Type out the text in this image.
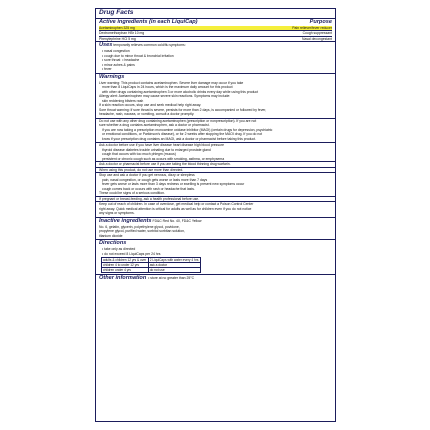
Drug Facts
Active ingredients (in each LiquiCap)	Purpose
Acetaminophen 325 mg	Pain reliever/fever reducer
Dextromethorphan HBr 10 mg	Cough suppressant
Phenylephrine HCl 5 mg	Nasal decongestant
Uses temporarily relieves common cold/flu symptoms:
• nasal congestion
• cough due to minor throat & bronchial irritation
• sore throat  • headache
• minor aches & pains
• fever
Warnings
Liver warning: This product contains acetaminophen. Severe liver damage may occur if you take
more than 8 LiquiCaps in 24 hours, which is the maximum daily amount for this product
with other drugs containing acetaminophen 3 or more alcoholic drinks every day while using this product
Allergy alert: Acetaminophen may cause severe skin reactions. Symptoms may include:
skin reddening blisters rash
If a skin reaction occurs, stop use and seek medical help right away.
Sore throat warning: If sore throat is severe, persists for more than 2 days, is accompanied or followed by fever,
headache, rash, nausea, or vomiting, consult a doctor promptly.
Do not use with any other drug containing acetaminophen (prescription or nonprescription). If you are not
sure whether a drug contains acetaminophen, ask a doctor or pharmacist.
if you are now taking a prescription monoamine oxidase inhibitor (MAOI) (certain drugs for depression, psychiatric
or emotional conditions, or Parkinson's disease), or for 2 weeks after stopping the MAOI drug. If you do not
know if your prescription drug contains an MAOI, ask a doctor or pharmacist before taking this product.
Ask a doctor before use if you have liver disease heart disease high blood pressure
thyroid disease diabetes trouble urinating due to enlarged prostate gland
cough that occurs with too much phlegm (mucus)
persistent or chronic cough such as occurs with smoking, asthma, or emphysema
Ask a doctor or pharmacist before use if you are taking the blood thinning drug warfarin.
When using this product, do not use more than directed.
Stop use and ask a doctor if you get nervous, dizzy or sleepless
pain, nasal congestion, or cough gets worse or lasts more than 7 days
fever gets worse or lasts more than 3 days redness or swelling is present new symptoms occur
cough comes back or occurs with rash or headache that lasts.
These could be signs of a serious condition.
If pregnant or breast-feeding, ask a health professional before use.
Keep out of reach of children. In case of overdose, get medical help or contact a Poison Control Center
right away. Quick medical attention is critical for adults as well as for children even if you do not notice
any signs or symptoms.
Inactive ingredients FD&C Red No. 40, FD&C Yellow
No. 6, gelatin, glycerin, polyethylene glycol, povidone,
propylene glycol, purified water, sorbitol sorbitan solution,
titanium dioxide
Directions
• take only as directed
• do not exceed 8 LiquiCaps per 24 hrs
adults & children 12 yrs & over	2 LiquiCaps with water every 4 hrs
children 4 to under 12 yrs	ask a doctor
children under 4 yrs	do not use
Other information  • store at no greater than 25°C
